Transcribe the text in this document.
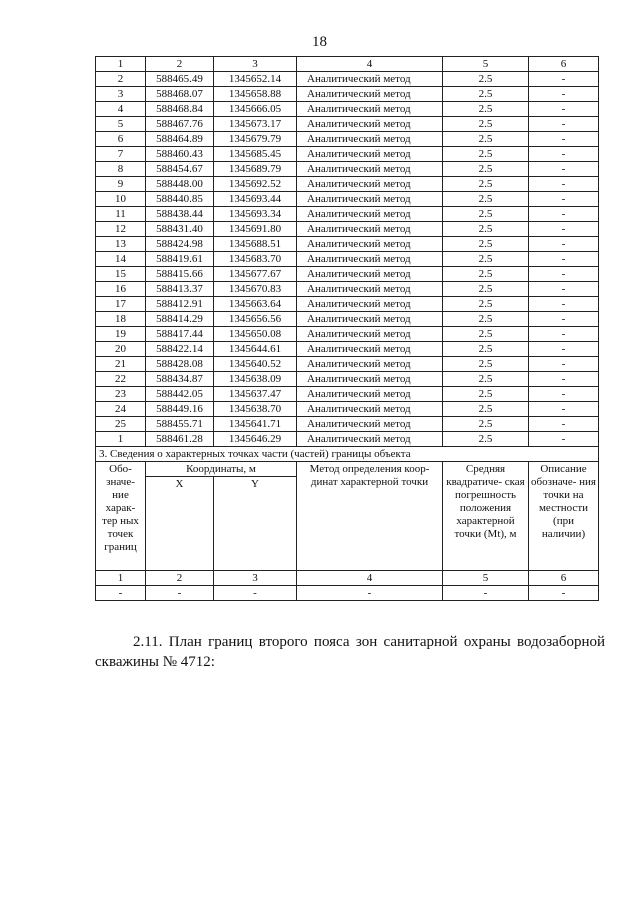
18
1	2	3	4	5	6
2	588465.49	1345652.14	Аналитический метод	2.5	-
3	588468.07	1345658.88	Аналитический метод	2.5	-
4	588468.84	1345666.05	Аналитический метод	2.5	-
5	588467.76	1345673.17	Аналитический метод	2.5	-
6	588464.89	1345679.79	Аналитический метод	2.5	-
7	588460.43	1345685.45	Аналитический метод	2.5	-
8	588454.67	1345689.79	Аналитический метод	2.5	-
9	588448.00	1345692.52	Аналитический метод	2.5	-
10	588440.85	1345693.44	Аналитический метод	2.5	-
11	588438.44	1345693.34	Аналитический метод	2.5	-
12	588431.40	1345691.80	Аналитический метод	2.5	-
13	588424.98	1345688.51	Аналитический метод	2.5	-
14	588419.61	1345683.70	Аналитический метод	2.5	-
15	588415.66	1345677.67	Аналитический метод	2.5	-
16	588413.37	1345670.83	Аналитический метод	2.5	-
17	588412.91	1345663.64	Аналитический метод	2.5	-
18	588414.29	1345656.56	Аналитический метод	2.5	-
19	588417.44	1345650.08	Аналитический метод	2.5	-
20	588422.14	1345644.61	Аналитический метод	2.5	-
21	588428.08	1345640.52	Аналитический метод	2.5	-
22	588434.87	1345638.09	Аналитический метод	2.5	-
23	588442.05	1345637.47	Аналитический метод	2.5	-
24	588449.16	1345638.70	Аналитический метод	2.5	-
25	588455.71	1345641.71	Аналитический метод	2.5	-
1	588461.28	1345646.29	Аналитический метод	2.5	-
3. Сведения о характерных точках части (частей) границы объекта					
Обо- значе- ние харак- тер ных точек границ	Координаты, м		Метод определения коор- динат характерной точки	Средняя квадратиче- ская погрешность положения характерной точки (Mt), м	Описание обозначе- ния точки на местности (при наличии)
	X	Y			
1	2	3	4	5	6
-	-	-	-	-	-
2.11. План границ второго пояса зон санитарной охраны водозаборной скважины № 4712:
